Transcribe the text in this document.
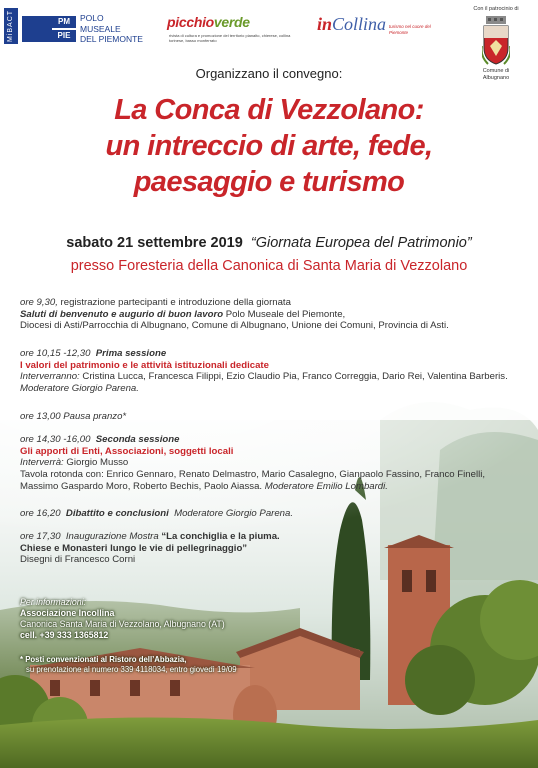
MiBACT	PM
PIE
POLO
MUSEALE
DEL PIEMONTE
picchioverde
rivista di cultura e promozione del territorio pianalto, chierese, collina torinese, basso monferrato
inCollina turismo nel cuore del Piemonte
Con il patrocinio di
Comune di
Albugnano
Organizzano il convegno:
La Conca di Vezzolano:
un intreccio di arte, fede,
paesaggio e turismo
sabato 21 settembre 2019 “Giornata Europea del Patrimonio”
presso Foresteria della Canonica di Santa Maria di Vezzolano
ore 9,30, registrazione partecipanti e introduzione della giornata
Saluti di benvenuto e augurio di buon lavoro Polo Museale del Piemonte,
Diocesi di Asti/Parrocchia di Albugnano, Comune di Albugnano, Unione dei Comuni, Provincia di Asti.
ore 10,15 -12,30 Prima sessione
I valori del patrimonio e le attività istituzionali dedicate
Interverranno: Cristina Lucca, Francesca Filippi, Ezio Claudio Pia, Franco Correggia, Dario Rei, Valentina Barberis.
Moderatore Giorgio Parena.
ore 13,00 Pausa pranzo*
ore 14,30 -16,00 Seconda sessione
Gli apporti di Enti, Associazioni, soggetti locali
Interverrà: Giorgio Musso
Tavola rotonda con: Enrico Gennaro, Renato Delmastro, Mario Casalegno, Gianpaolo Fassino, Franco Finelli,
Massimo Gaspardo Moro, Roberto Bechis, Paolo Aiassa. Moderatore Emilio Lombardi.
ore 16,20 Dibattito e conclusioni  Moderatore Giorgio Parena.
ore 17,30 Inaugurazione Mostra “La conchiglia e la piuma.
Chiese e Monasteri lungo le vie di pellegrinaggio”
Disegni di Francesco Corni
Per informazioni:
Associazione Incollina
Canonica Santa Maria di Vezzolano, Albugnano (AT)
cell. +39 333 1365812
* Posti convenzionati al Ristoro dell’Abbazia,
su prenotazione al numero 339 4118034, entro giovedì 19/09
